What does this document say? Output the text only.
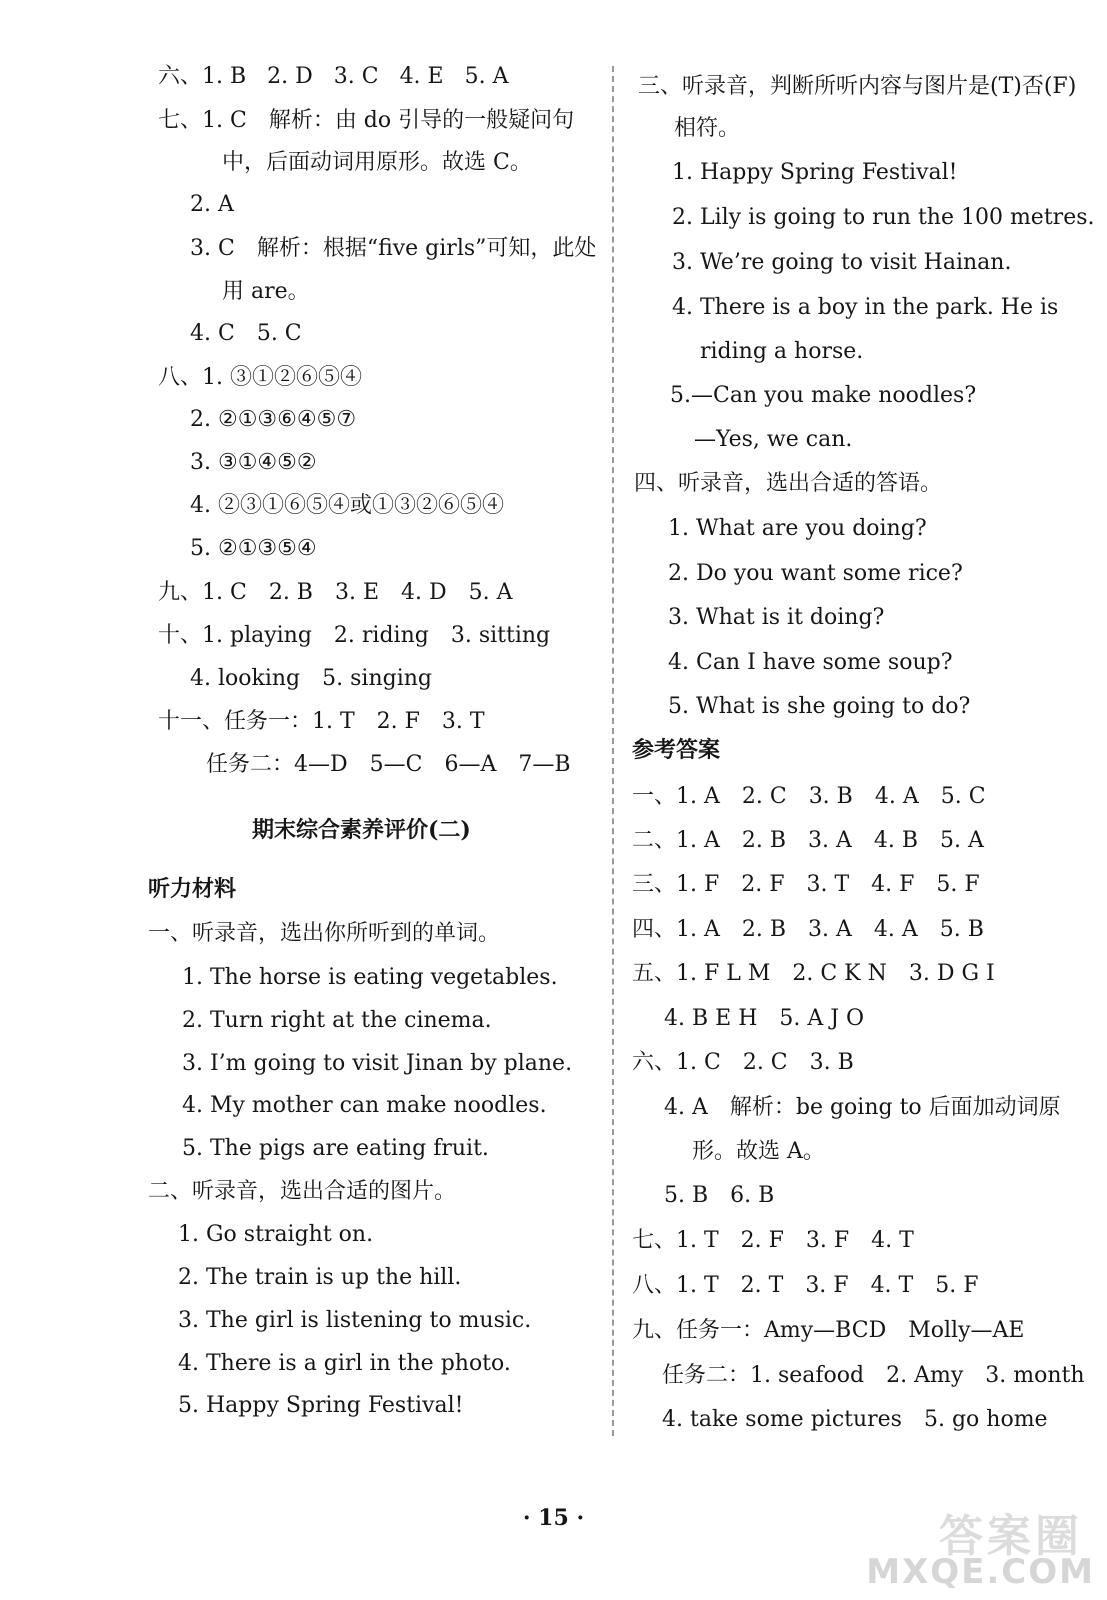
六、1. B 2. D 3. C 4. E 5. A
七、1. C　解析：由 do 引导的一般疑问句
中，后面动词用原形。故选 C。
2. A
3. C　解析：根据“five girls”可知，此处
用 are。
4. C　5. C
八、1. ③①②⑥⑤④
2. ②①③⑥④⑤⑦
3. ③①④⑤②
4. ②③①⑥⑤④或①③②⑥⑤④
5. ②①③⑤④
九、1. C　2. B　3. E　4. D　5. A
十、1. playing　2. riding　3. sitting
4. looking　5. singing
十一、任务一：1. T　2. F　3. T
任务二：4—D　5—C　6—A　7—B
期末综合素养评价(二)
听力材料
一、听录音，选出你所听到的单词。
1. The horse is eating vegetables.
2. Turn right at the cinema.
3. I’m going to visit Jinan by plane.
4. My mother can make noodles.
5. The pigs are eating fruit.
二、听录音，选出合适的图片。
1. Go straight on.
2. The train is up the hill.
3. The girl is listening to music.
4. There is a girl in the photo.
5. Happy Spring Festival!
三、听录音，判断所听内容与图片是(T)否(F)
相符。
1. Happy Spring Festival!
2. Lily is going to run the 100 metres.
3. We’re going to visit Hainan.
4. There is a boy in the park. He is
riding a horse.
5.—Can you make noodles?
—Yes, we can.
四、听录音，选出合适的答语。
1. What are you doing?
2. Do you want some rice?
3. What is it doing?
4. Can I have some soup?
5. What is she going to do?
参考答案
一、1. A　2. C　3. B　4. A　5. C
二、1. A　2. B　3. A　4. B　5. A
三、1. F　2. F　3. T　4. F　5. F
四、1. A　2. B　3. A　4. A　5. B
五、1. F L M　2. C K N　3. D G I
4. B E H　5. A J O
六、1. C　2. C　3. B
4. A　解析：be going to 后面加动词原
形。故选 A。
5. B　6. B
七、1. T　2. F　3. F　4. T
八、1. T　2. T　3. F　4. T　5. F
九、任务一：Amy—BCD　Molly—AE
任务二：1. seafood　2. Amy　3. month
4. take some pictures　5. go home
· 15 ·	答案圈
MXQE.COM
